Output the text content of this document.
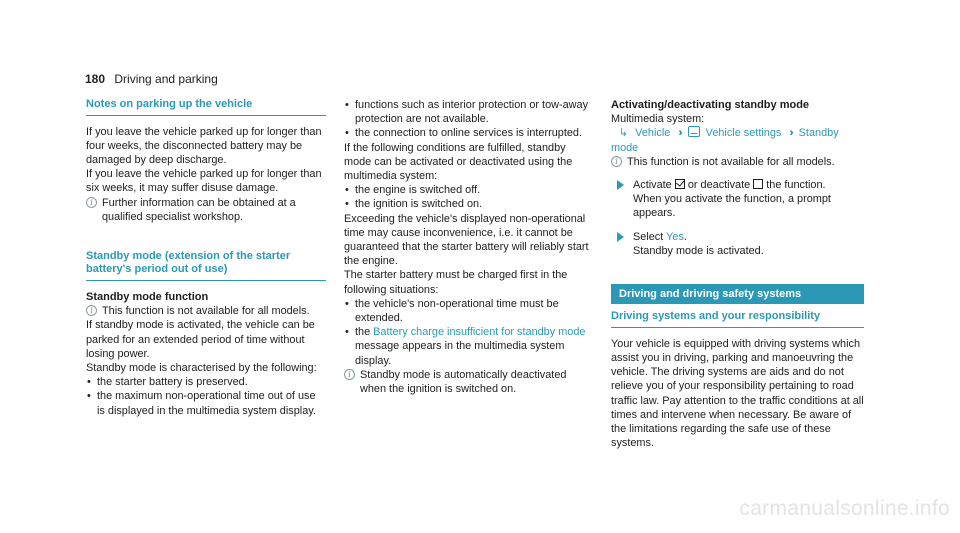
180 Driving and parking
Notes on parking up the vehicle

If you leave the vehicle parked up for longer than four weeks, the disconnected battery may be damaged by deep discharge.

If you leave the vehicle parked up for longer than six weeks, it may suffer disuse damage.

i Further information can be obtained at a qualified specialist workshop.
Standby mode (extension of the starter battery's period out of use)
Standby mode function
i This function is not available for all models.

If standby mode is activated, the vehicle can be parked for an extended period of time without losing power.

Standby mode is characterised by the following:

• the starter battery is preserved.
• the maximum non-operational time out of use is displayed in the multimedia system display.
• functions such as interior protection or tow-away protection are not available.
• the connection to online services is interrupted.

If the following conditions are fulfilled, standby mode can be activated or deactivated using the multimedia system:

• the engine is switched off.
• the ignition is switched on.

Exceeding the vehicle's displayed non-operational time may cause inconvenience, i.e. it cannot be guaranteed that the starter battery will reliably start the engine.

The starter battery must be charged first in the following situations:

• the vehicle's non-operational time must be extended.
• the Battery charge insufficient for standby mode message appears in the multimedia system display.
i Standby mode is automatically deactivated when the ignition is switched on.
Activating/deactivating standby mode

Multimedia system:

↳ Vehicle ›› Vehicle settings ›› Standby mode
i This function is not available for all models.
Activate or deactivate the function.
When you activate the function, a prompt appears.
Select Yes.
Standby mode is activated.
Driving and driving safety systems
Driving systems and your responsibility

Your vehicle is equipped with driving systems which assist you in driving, parking and manoeuvring the vehicle. The driving systems are aids and do not relieve you of your responsibility pertaining to road traffic law. Pay attention to the traffic conditions at all times and intervene when necessary. Be aware of the limitations regarding the safe use of these systems.

carmanualsonline.info
